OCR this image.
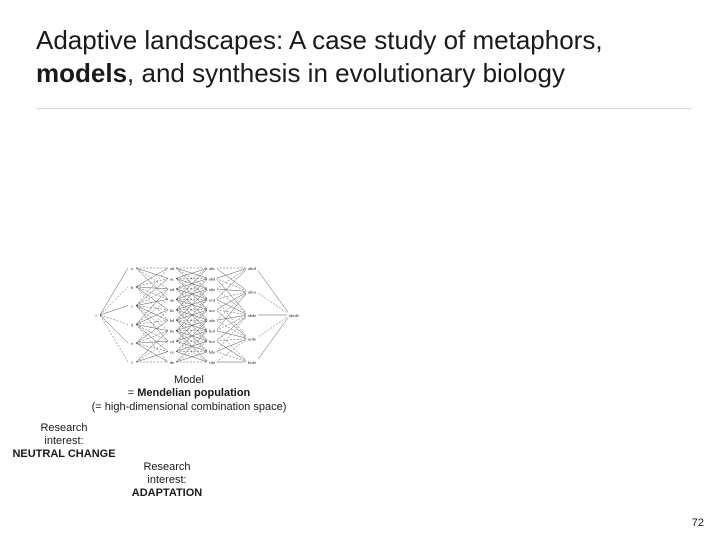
Adaptive landscapes: A case study of metaphors,
models, and synthesis in evolutionary biology
+
a
b
c
d
e
f
ab
ac
ad
ae
bc
bd
be
cd
ce
de
abc
abd
abe
acd
ace
ade
bcd
bce
bde
cde
abcd
abce
abde
acde
bcde
abcde
Model
= Mendelian population
(= high-dimensional combination space)
Research
interest:
NEUTRAL CHANGE
Research
interest:
ADAPTATION
72
